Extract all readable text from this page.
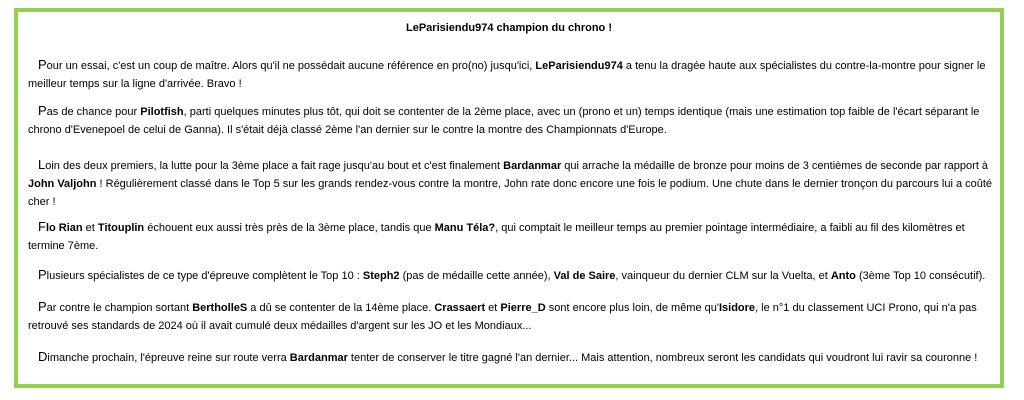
LeParisiendu974 champion du chrono !
Pour un essai, c'est un coup de maître. Alors qu'il ne possédait aucune référence en pro(no) jusqu'ici, LeParisiendu974 a tenu la dragée haute aux spécialistes du contre-la-montre pour signer le meilleur temps sur la ligne d'arrivée. Bravo !
Pas de chance pour Pilotfish, parti quelques minutes plus tôt, qui doit se contenter de la 2ème place, avec un (prono et un) temps identique (mais une estimation top faible de l'écart séparant le chrono d'Evenepoel de celui de Ganna). Il s'était déjà classé 2ème l'an dernier sur le contre la montre des Championnats d'Europe.
Loin des deux premiers, la lutte pour la 3ème place a fait rage jusqu'au bout et c'est finalement Bardanmar qui arrache la médaille de bronze pour moins de 3 centièmes de seconde par rapport à John Valjohn ! Régulièrement classé dans le Top 5 sur les grands rendez-vous contre la montre, John rate donc encore une fois le podium. Une chute dans le dernier tronçon du parcours lui a coûté cher !
Flo Rian et Titouplin échouent eux aussi très près de la 3ème place, tandis que Manu Téla?, qui comptait le meilleur temps au premier pointage intermédiaire, a faibli au fil des kilomètres et termine 7ème.
Plusieurs spécialistes de ce type d'épreuve complètent le Top 10 : Steph2 (pas de médaille cette année), Val de Saire, vainqueur du dernier CLM sur la Vuelta, et Anto (3ème Top 10 consécutif).
Par contre le champion sortant BertholleS a dû se contenter de la 14ème place. Crassaert et Pierre_D sont encore plus loin, de même qu'Isidore, le n°1 du classement UCI Prono, qui n'a pas retrouvé ses standards de 2024 où il avait cumulé deux médailles d'argent sur les JO et les Mondiaux...
Dimanche prochain, l'épreuve reine sur route verra Bardanmar tenter de conserver le titre gagné l'an dernier... Mais attention, nombreux seront les candidats qui voudront lui ravir sa couronne !
